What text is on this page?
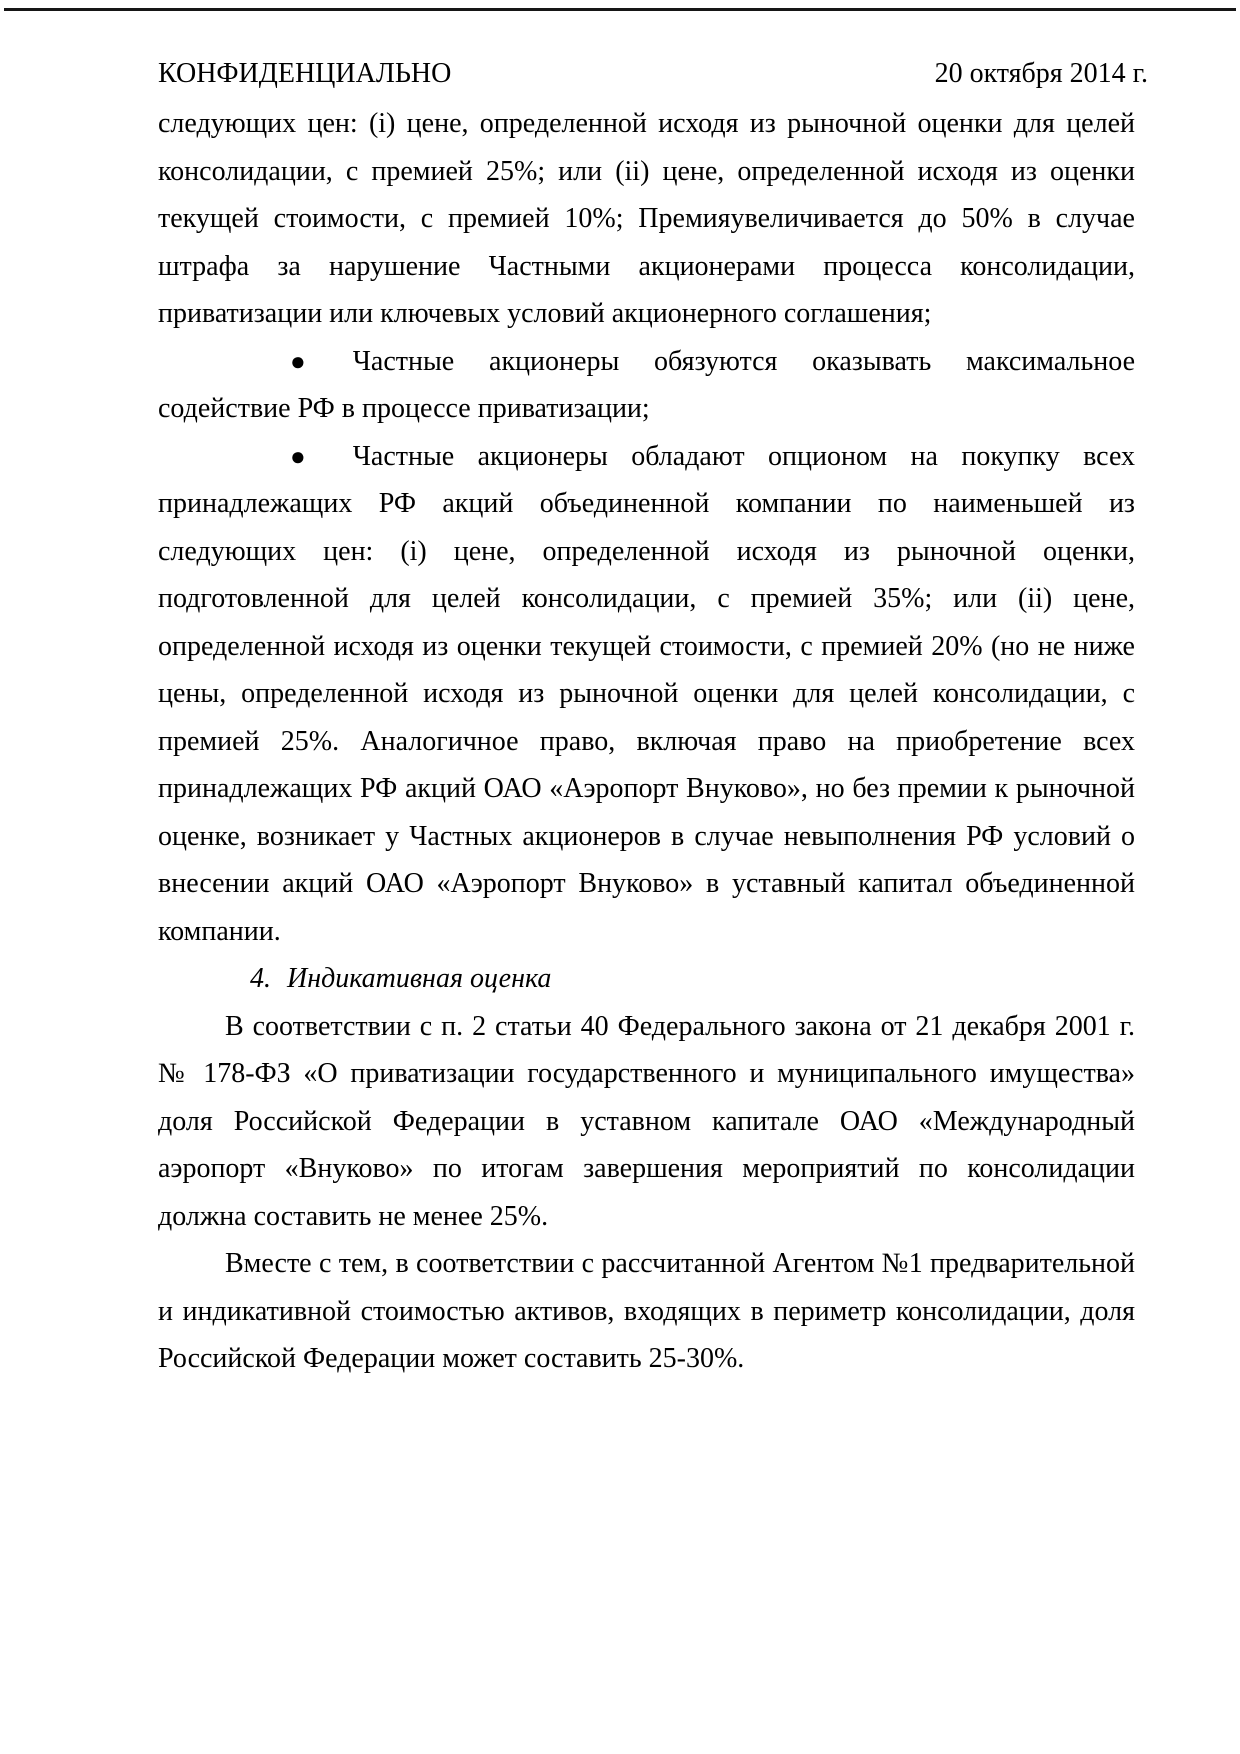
КОНФИДЕНЦИАЛЬНО	20 октября 2014 г.

следующих цен: (i) цене, определенной исходя из рыночной оценки для целей консолидации, с премией 25%; или (ii) цене, определенной исходя из оценки текущей стоимости, с премией 10%; Премияувеличивается до 50% в случае штрафа за нарушение Частными акционерами процесса консолидации, приватизации или ключевых условий акционерного соглашения;

● Частные акционеры обязуются оказывать максимальное содействие РФ в процессе приватизации;

● Частные акционеры обладают опционом на покупку всех принадлежащих РФ акций объединенной компании по наименьшей из следующих цен: (i) цене, определенной исходя из рыночной оценки, подготовленной для целей консолидации, с премией 35%; или (ii) цене, определенной исходя из оценки текущей стоимости, с премией 20% (но не ниже цены, определенной исходя из рыночной оценки для целей консолидации, с премией 25%. Аналогичное право, включая право на приобретение всех принадлежащих РФ акций ОАО «Аэропорт Внуково», но без премии к рыночной оценке, возникает у Частных акционеров в случае невыполнения РФ условий о внесении акций ОАО «Аэропорт Внуково» в уставный капитал объединенной компании.

4. Индикативная оценка

В соответствии с п. 2 статьи 40 Федерального закона от 21 декабря 2001 г. № 178-ФЗ «О приватизации государственного и муниципального имущества» доля Российской Федерации в уставном капитале ОАО «Международный аэропорт «Внуково» по итогам завершения мероприятий по консолидации должна составить не менее 25%.

Вместе с тем, в соответствии с рассчитанной Агентом №1 предварительной и индикативной стоимостью активов, входящих в периметр консолидации, доля Российской Федерации может составить 25-30%.
